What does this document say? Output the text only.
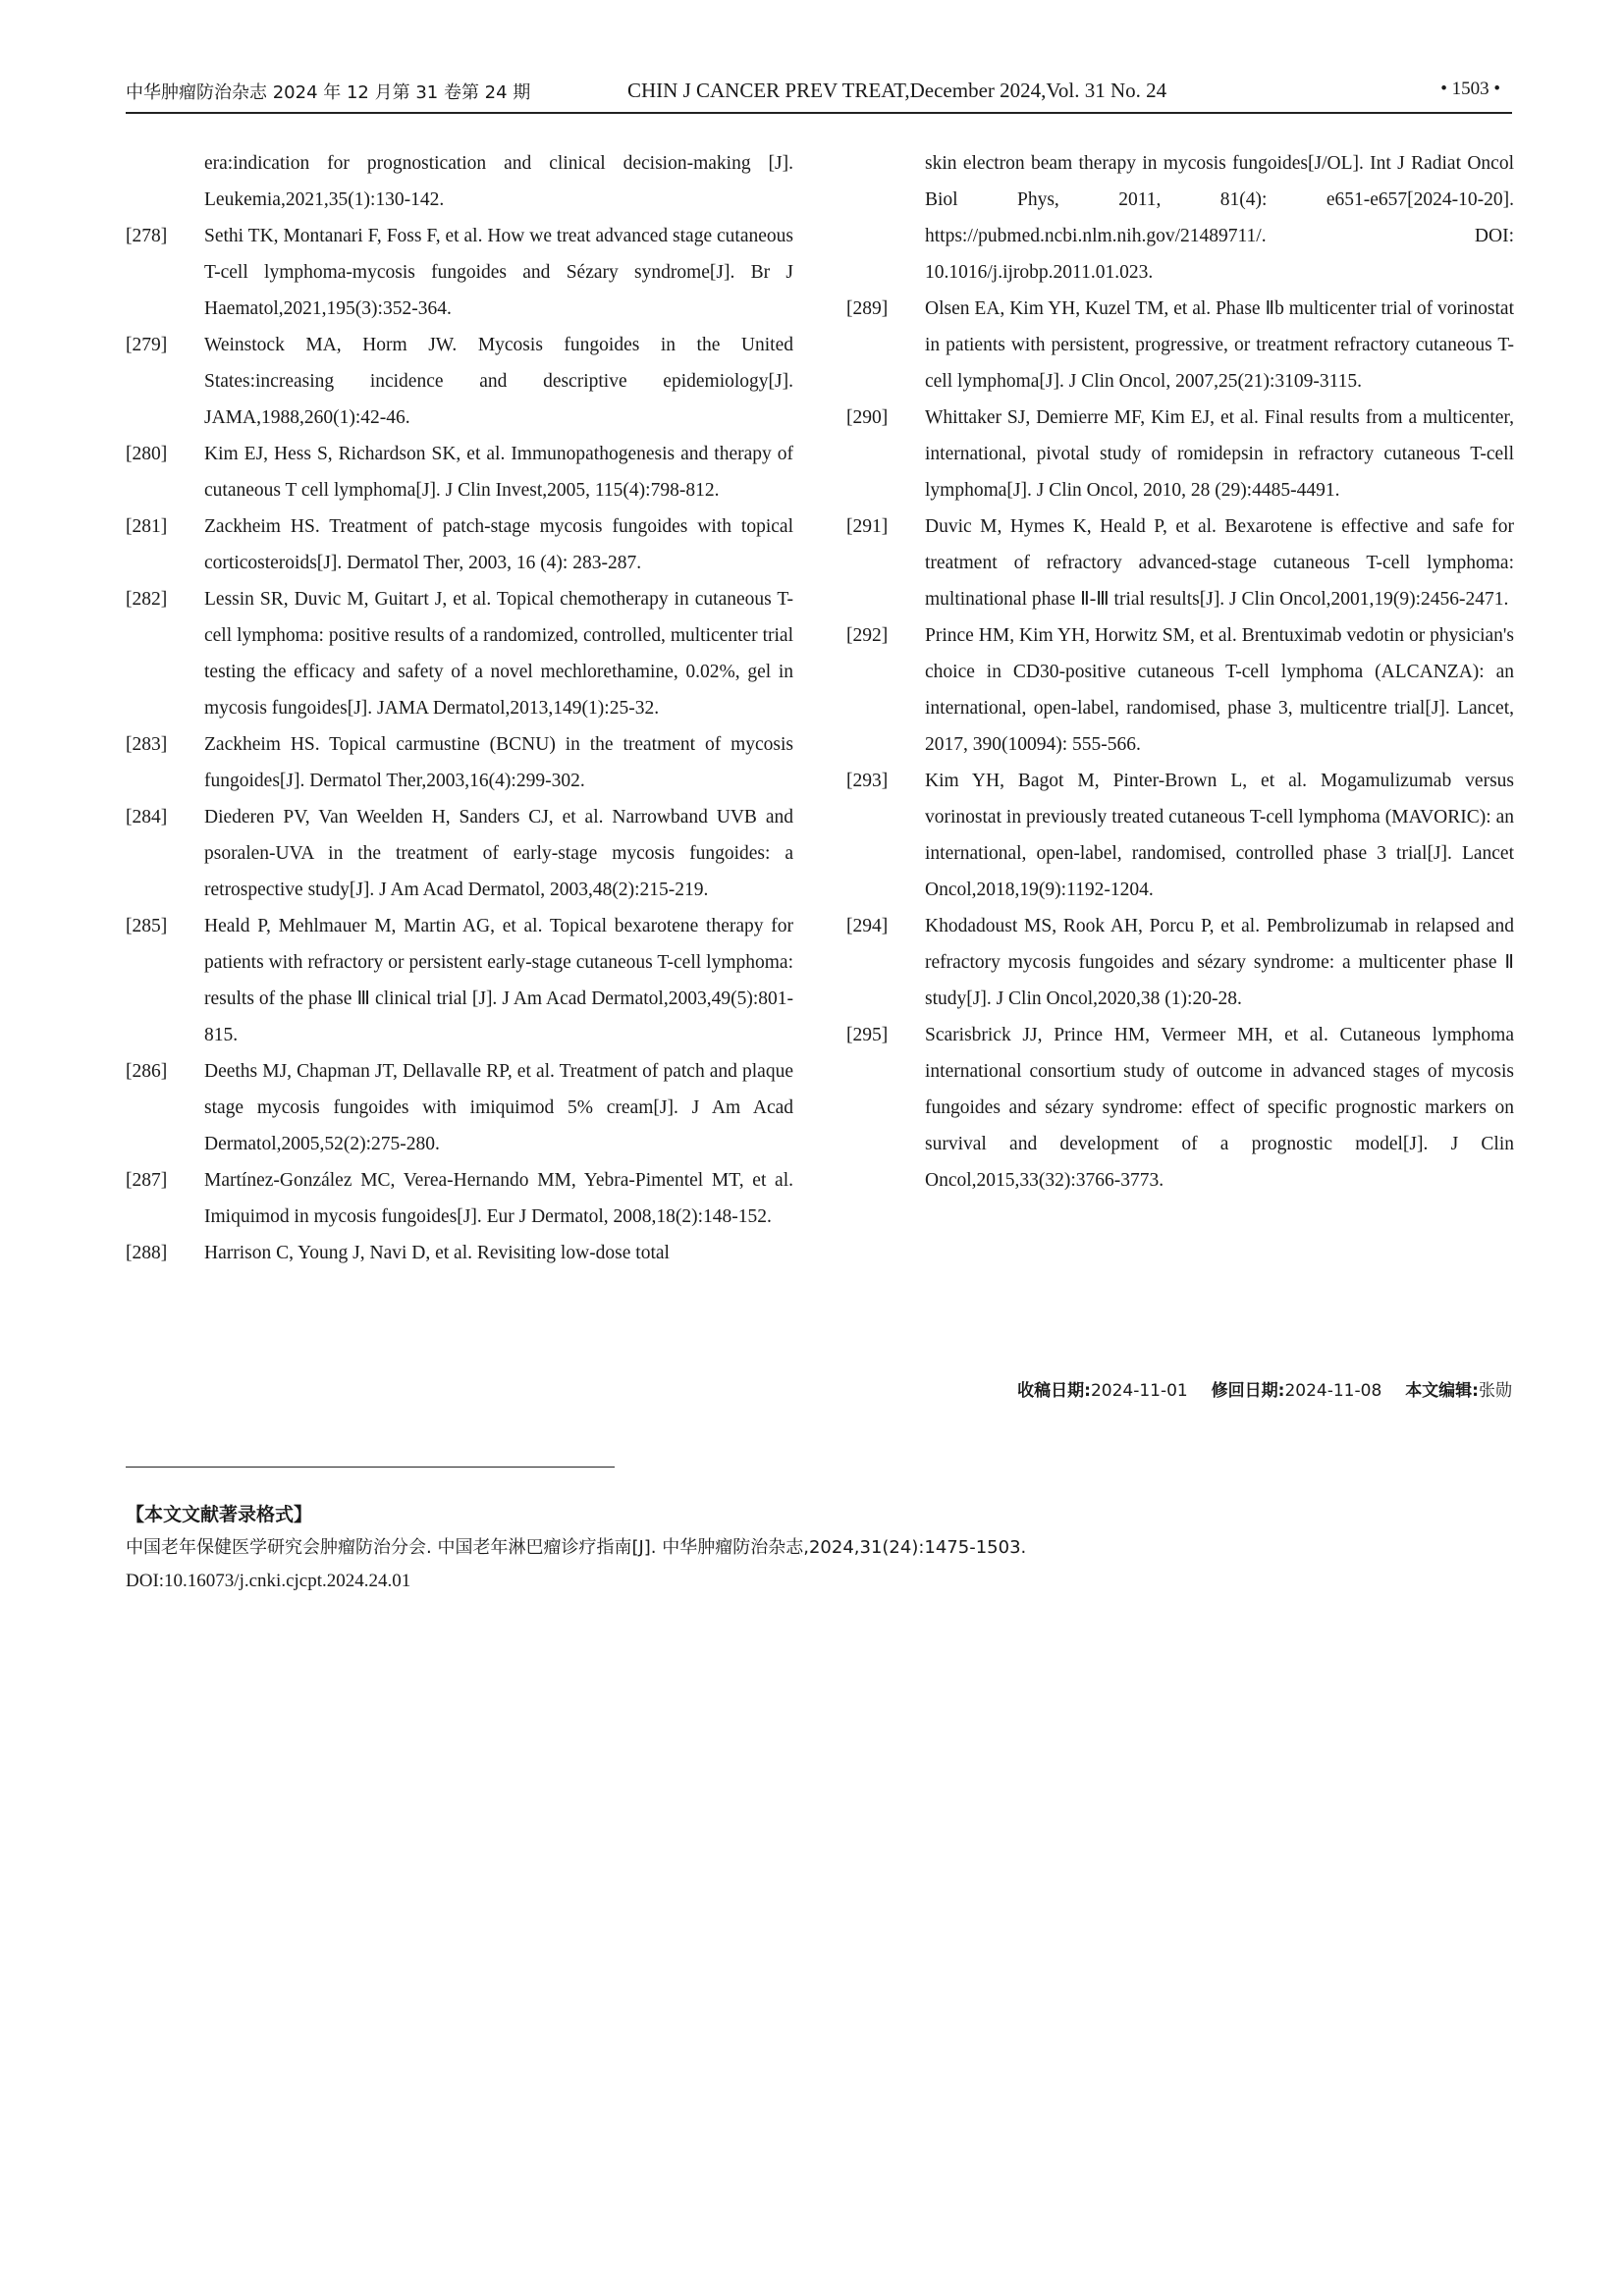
中华肿瘤防治杂志 2024 年 12 月第 31 卷第 24 期	CHIN J CANCER PREV TREAT,December 2024,Vol. 31 No. 24	• 1503 •

era:indication for prognostication and clinical decision-making [J]. Leukemia,2021,35(1):130-142.

[278]	Sethi TK, Montanari F, Foss F, et al. How we treat advanced stage cutaneous T-cell lymphoma-mycosis fungoides and Sézary syndrome[J]. Br J Haematol,2021,195(3):352-364.

[279]	Weinstock MA, Horm JW. Mycosis fungoides in the United States:increasing incidence and descriptive epidemiology[J]. JAMA,1988,260(1):42-46.

[280]	Kim EJ, Hess S, Richardson SK, et al. Immunopathogenesis and therapy of cutaneous T cell lymphoma[J]. J Clin Invest,2005, 115(4):798-812.

[281]	Zackheim HS. Treatment of patch-stage mycosis fungoides with topical corticosteroids[J]. Dermatol Ther, 2003, 16 (4): 283-287.

[282]	Lessin SR, Duvic M, Guitart J, et al. Topical chemotherapy in cutaneous T-cell lymphoma: positive results of a randomized, controlled, multicenter trial testing the efficacy and safety of a novel mechlorethamine, 0.02%, gel in mycosis fungoides[J]. JAMA Dermatol,2013,149(1):25-32.

[283]	Zackheim HS. Topical carmustine (BCNU) in the treatment of mycosis fungoides[J]. Dermatol Ther,2003,16(4):299-302.

[284]	Diederen PV, Van Weelden H, Sanders CJ, et al. Narrowband UVB and psoralen-UVA in the treatment of early-stage mycosis fungoides: a retrospective study[J]. J Am Acad Dermatol, 2003,48(2):215-219.

[285]	Heald P, Mehlmauer M, Martin AG, et al. Topical bexarotene therapy for patients with refractory or persistent early-stage cutaneous T-cell lymphoma: results of the phase Ⅲ clinical trial [J]. J Am Acad Dermatol,2003,49(5):801-815.

[286]	Deeths MJ, Chapman JT, Dellavalle RP, et al. Treatment of patch and plaque stage mycosis fungoides with imiquimod 5% cream[J]. J Am Acad Dermatol,2005,52(2):275-280.

[287]	Martínez-González MC, Verea-Hernando MM, Yebra-Pimentel MT, et al. Imiquimod in mycosis fungoides[J]. Eur J Dermatol, 2008,18(2):148-152.

[288]	Harrison C, Young J, Navi D, et al. Revisiting low-dose total

skin electron beam therapy in mycosis fungoides[J/OL]. Int J Radiat Oncol Biol Phys, 2011, 81(4): e651-e657[2024-10-20]. https://pubmed.ncbi.nlm.nih.gov/21489711/. DOI: 10.1016/j.ijrobp.2011.01.023.

[289]	Olsen EA, Kim YH, Kuzel TM, et al. Phase Ⅱb multicenter trial of vorinostat in patients with persistent, progressive, or treatment refractory cutaneous T-cell lymphoma[J]. J Clin Oncol, 2007,25(21):3109-3115.

[290]	Whittaker SJ, Demierre MF, Kim EJ, et al. Final results from a multicenter, international, pivotal study of romidepsin in refractory cutaneous T-cell lymphoma[J]. J Clin Oncol, 2010, 28 (29):4485-4491.

[291]	Duvic M, Hymes K, Heald P, et al. Bexarotene is effective and safe for treatment of refractory advanced-stage cutaneous T-cell lymphoma: multinational phase Ⅱ-Ⅲ trial results[J]. J Clin Oncol,2001,19(9):2456-2471.

[292]	Prince HM, Kim YH, Horwitz SM, et al. Brentuximab vedotin or physician's choice in CD30-positive cutaneous T-cell lymphoma (ALCANZA): an international, open-label, randomised, phase 3, multicentre trial[J]. Lancet, 2017, 390(10094): 555-566.

[293]	Kim YH, Bagot M, Pinter-Brown L, et al. Mogamulizumab versus vorinostat in previously treated cutaneous T-cell lymphoma (MAVORIC): an international, open-label, randomised, controlled phase 3 trial[J]. Lancet Oncol,2018,19(9):1192-1204.

[294]	Khodadoust MS, Rook AH, Porcu P, et al. Pembrolizumab in relapsed and refractory mycosis fungoides and sézary syndrome: a multicenter phase Ⅱ study[J]. J Clin Oncol,2020,38 (1):20-28.

[295]	Scarisbrick JJ, Prince HM, Vermeer MH, et al. Cutaneous lymphoma international consortium study of outcome in advanced stages of mycosis fungoides and sézary syndrome: effect of specific prognostic markers on survival and development of a prognostic model[J]. J Clin Oncol,2015,33(32):3766-3773.

收稿日期:2024-11-01 修回日期:2024-11-08 本文编辑:张勋
【本文文献著录格式】
中国老年保健医学研究会肿瘤防治分会. 中国老年淋巴瘤诊疗指南[J]. 中华肿瘤防治杂志,2024,31(24):1475-1503.
DOI:10.16073/j.cnki.cjcpt.2024.24.01
